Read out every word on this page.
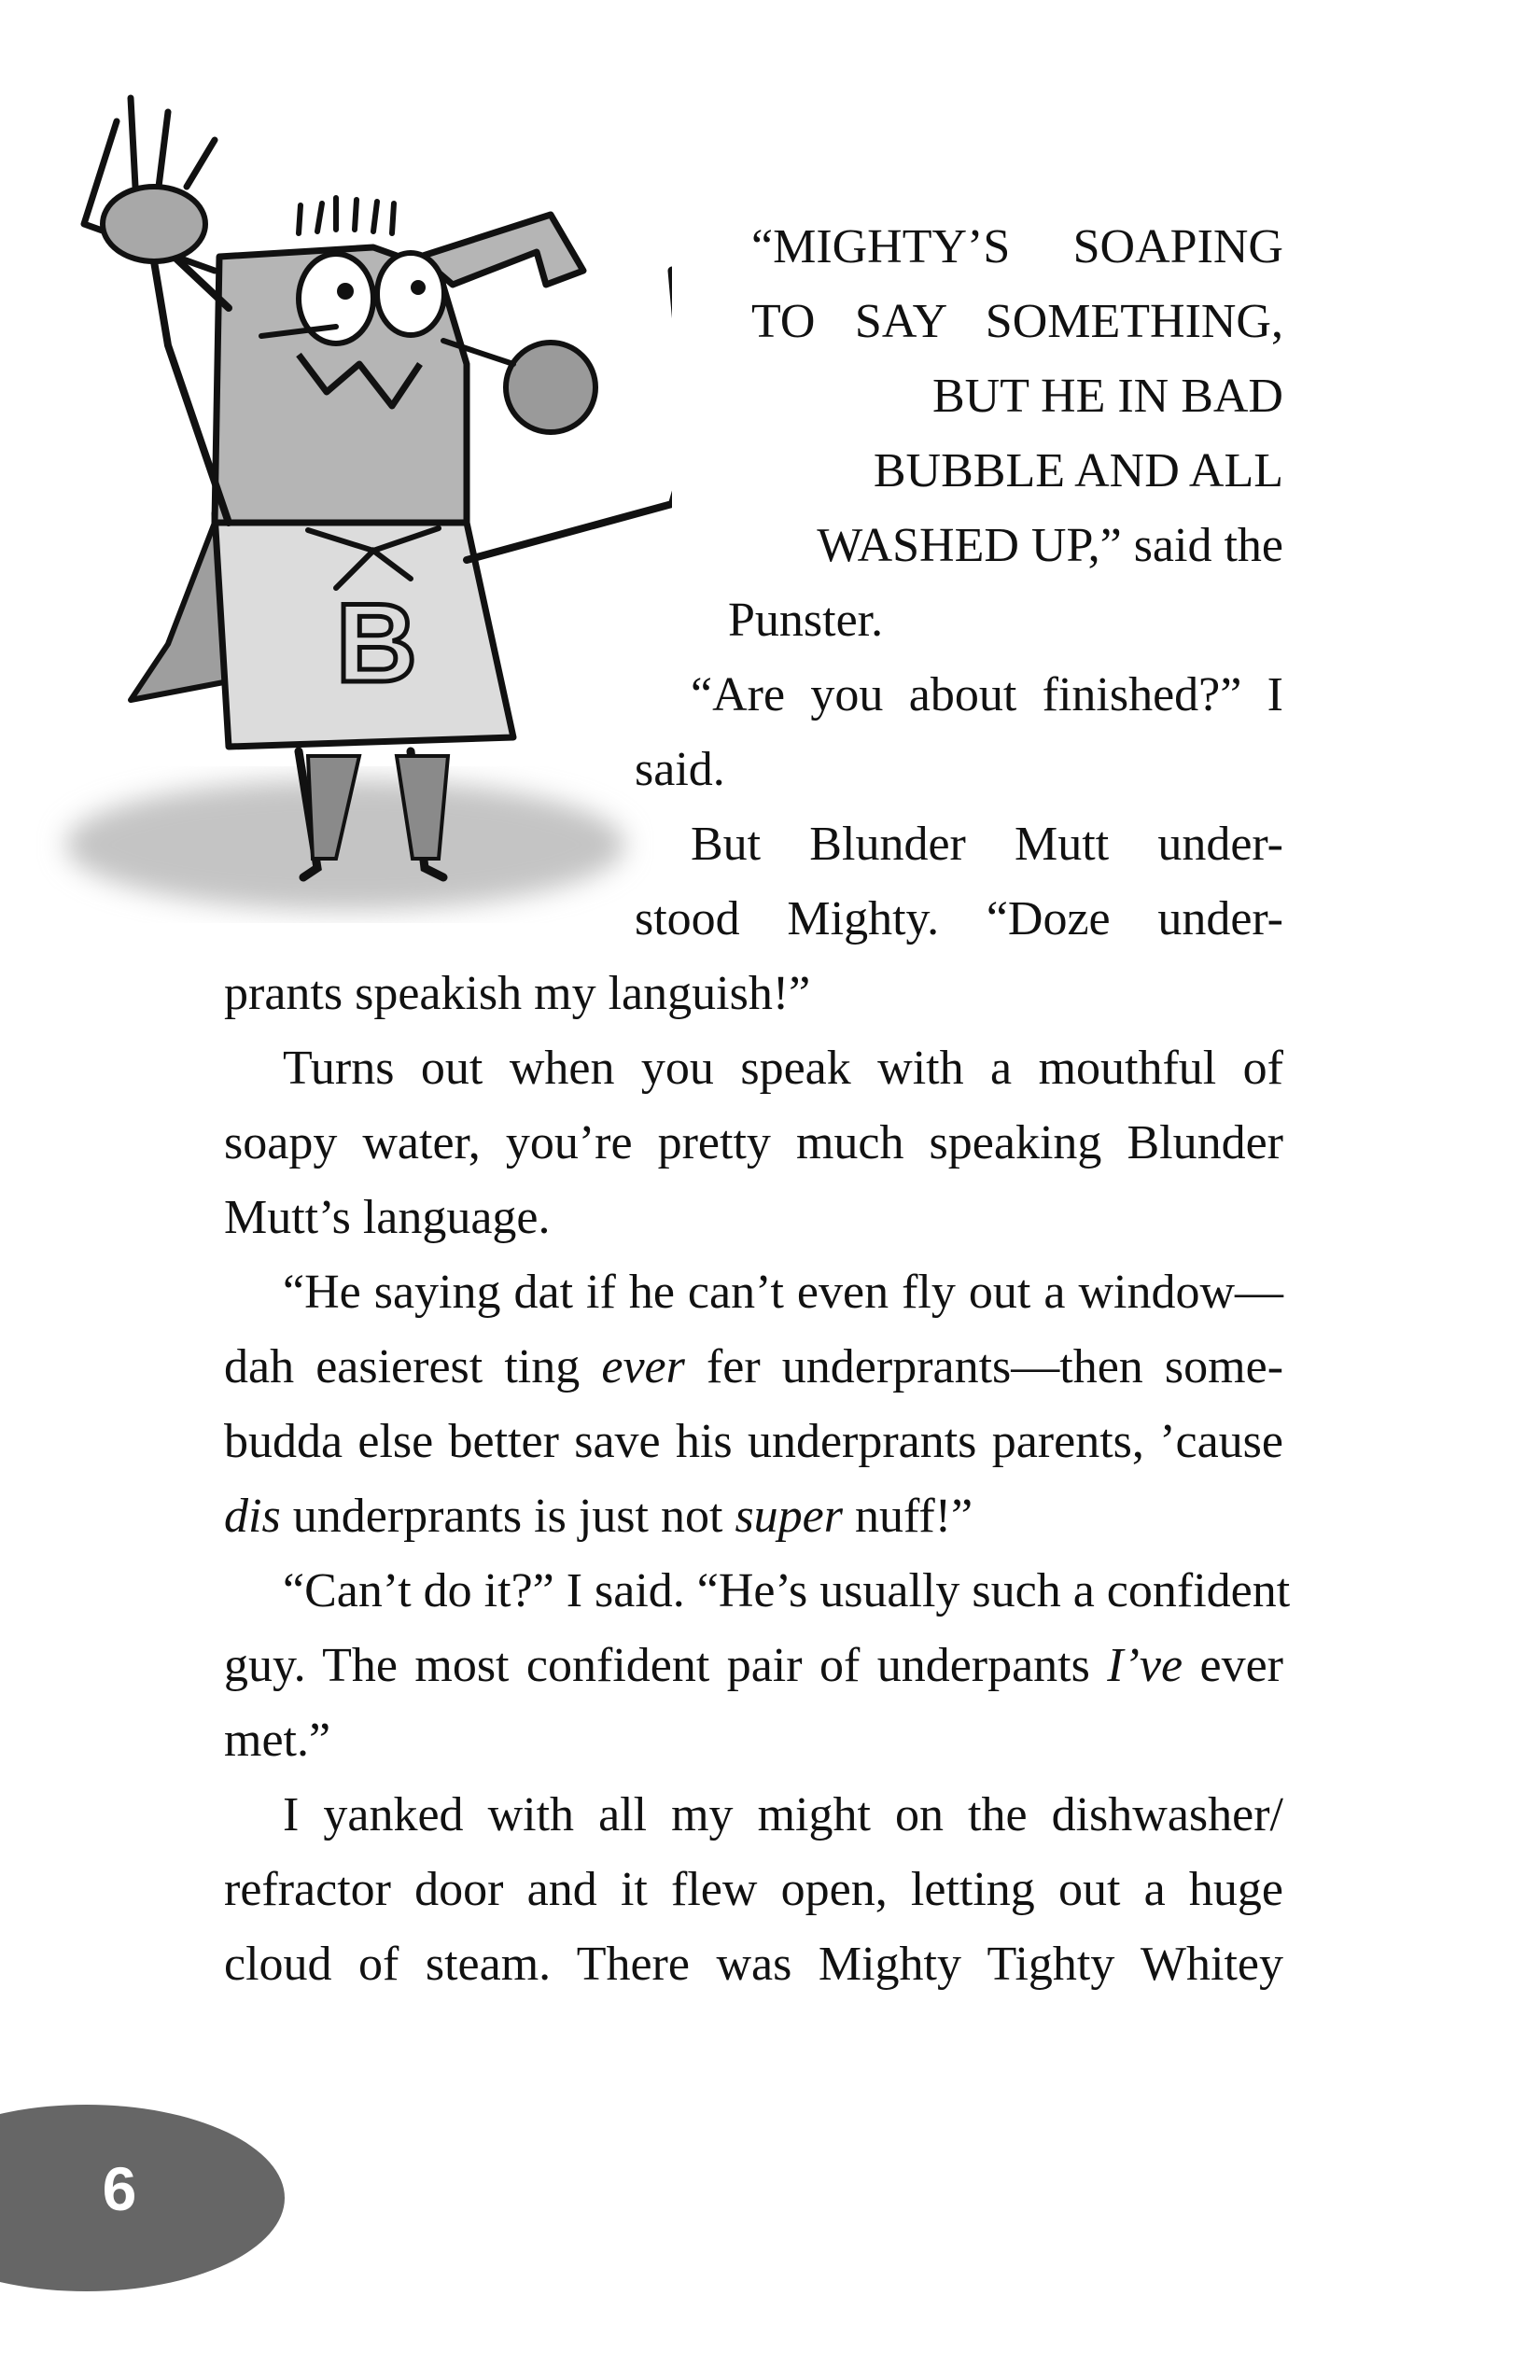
B

“MIGHTY’S SOAPING

TO SAY SOMETHING,

BUT HE IN BAD

BUBBLE AND ALL

WASHED UP,” said the

Punster.

“Are you about finished?” I

said.

But Blunder Mutt under-

stood Mighty. “Doze under-

prants speakish my languish!”

Turns out when you speak with a mouthful of

soapy water, you’re pretty much speaking Blunder

Mutt’s language.

“He saying dat if he can’t even fly out a window—

dah easierest ting ever fer underprants—then some-

budda else better save his underprants parents, ’cause

dis underprants is just not super nuff!”

“Can’t do it?” I said. “He’s usually such a confident

guy. The most confident pair of underpants I’ve ever

met.”

I yanked with all my might on the dishwasher/

refractor door and it flew open, letting out a huge

cloud of steam. There was Mighty Tighty Whitey

6
